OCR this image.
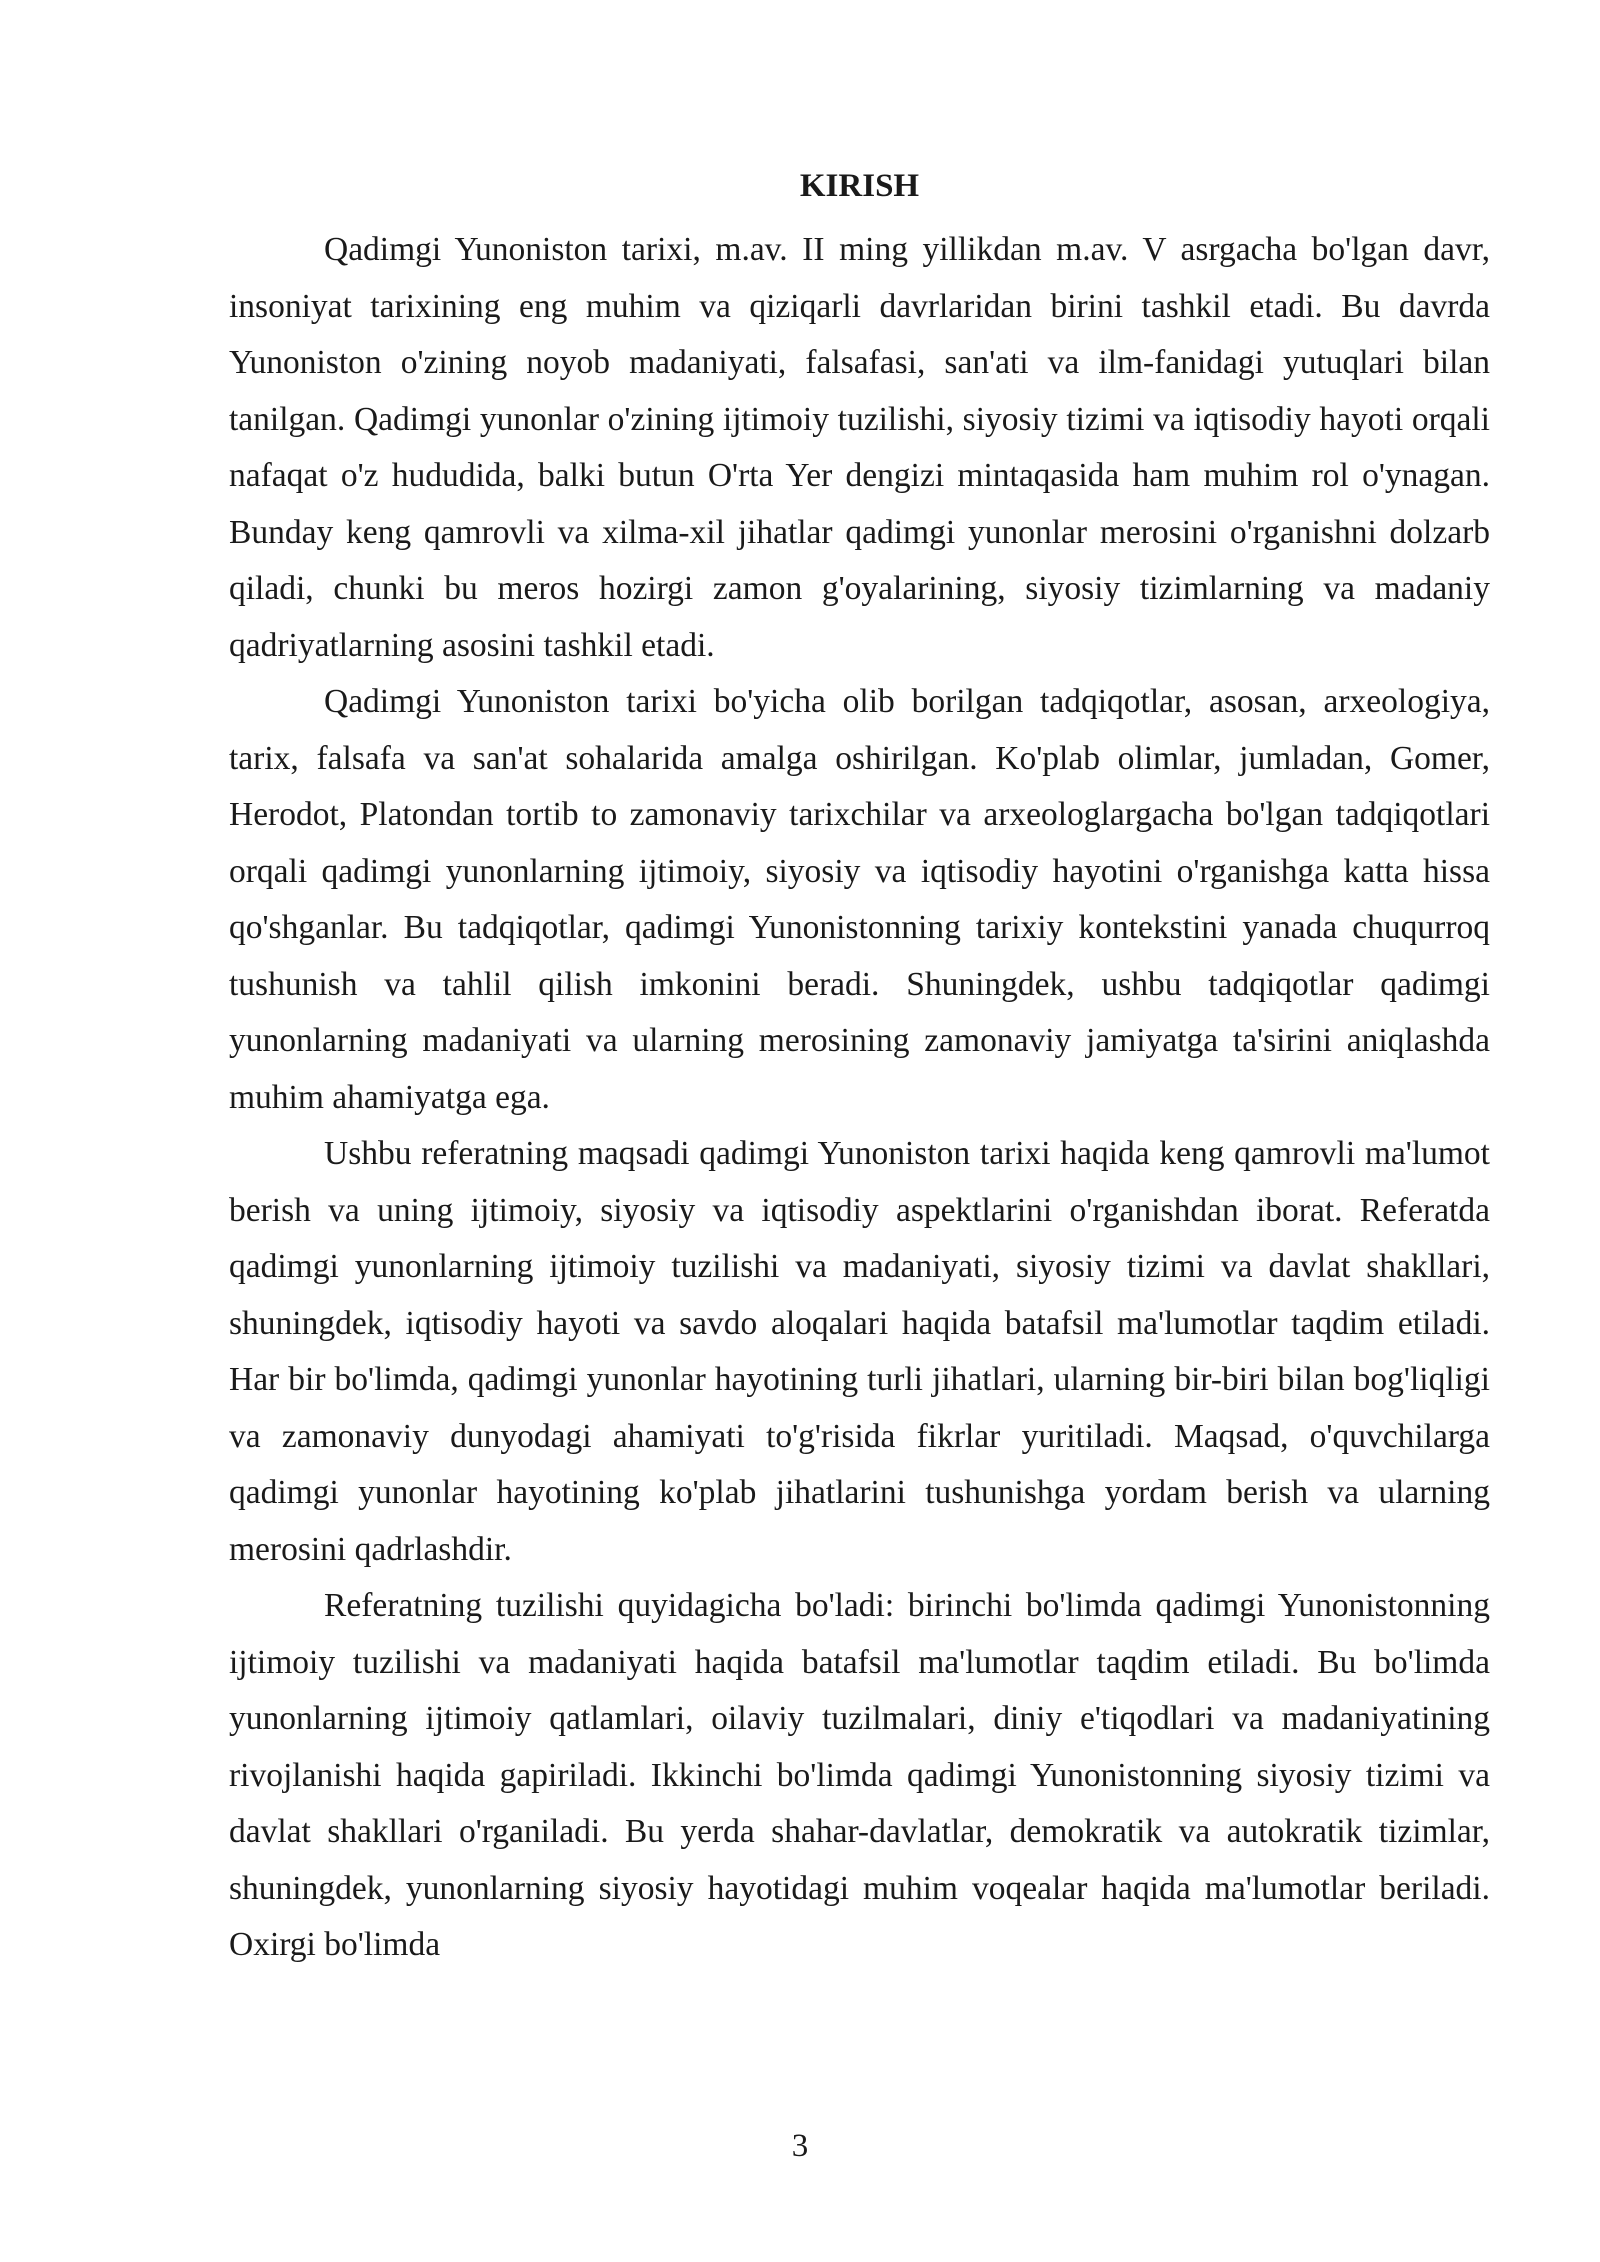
KIRISH

Qadimgi Yunoniston tarixi, m.av. II ming yillikdan m.av. V asrgacha bo'lgan davr, insoniyat tarixining eng muhim va qiziqarli davrlaridan birini tashkil etadi. Bu davrda Yunoniston o'zining noyob madaniyati, falsafasi, san'ati va ilm-fanidagi yutuqlari bilan tanilgan. Qadimgi yunonlar o'zining ijtimoiy tuzilishi, siyosiy tizimi va iqtisodiy hayoti orqali nafaqat o'z hududida, balki butun O'rta Yer dengizi mintaqasida ham muhim rol o'ynagan. Bunday keng qamrovli va xilma-xil jihatlar qadimgi yunonlar merosini o'rganishni dolzarb qiladi, chunki bu meros hozirgi zamon g'oyalarining, siyosiy tizimlarning va madaniy qadriyatlarning asosini tashkil etadi.

Qadimgi Yunoniston tarixi bo'yicha olib borilgan tadqiqotlar, asosan, arxeologiya, tarix, falsafa va san'at sohalarida amalga oshirilgan. Ko'plab olimlar, jumladan, Gomer, Herodot, Platondan tortib to zamonaviy tarixchilar va arxeologlargacha bo'lgan tadqiqotlari orqali qadimgi yunonlarning ijtimoiy, siyosiy va iqtisodiy hayotini o'rganishga katta hissa qo'shganlar. Bu tadqiqotlar, qadimgi Yunonistonning tarixiy kontekstini yanada chuqurroq tushunish va tahlil qilish imkonini beradi. Shuningdek, ushbu tadqiqotlar qadimgi yunonlarning madaniyati va ularning merosining zamonaviy jamiyatga ta'sirini aniqlashda muhim ahamiyatga ega.

Ushbu referatning maqsadi qadimgi Yunoniston tarixi haqida keng qamrovli ma'lumot berish va uning ijtimoiy, siyosiy va iqtisodiy aspektlarini o'rganishdan iborat. Referatda qadimgi yunonlarning ijtimoiy tuzilishi va madaniyati, siyosiy tizimi va davlat shakllari, shuningdek, iqtisodiy hayoti va savdo aloqalari haqida batafsil ma'lumotlar taqdim etiladi. Har bir bo'limda, qadimgi yunonlar hayotining turli jihatlari, ularning bir-biri bilan bog'liqligi va zamonaviy dunyodagi ahamiyati to'g'risida fikrlar yuritiladi. Maqsad, o'quvchilarga qadimgi yunonlar hayotining ko'plab jihatlarini tushunishga yordam berish va ularning merosini qadrlashdir.

Referatning tuzilishi quyidagicha bo'ladi: birinchi bo'limda qadimgi Yunonistonning ijtimoiy tuzilishi va madaniyati haqida batafsil ma'lumotlar taqdim etiladi. Bu bo'limda yunonlarning ijtimoiy qatlamlari, oilaviy tuzilmalari, diniy e'tiqodlari va madaniyatining rivojlanishi haqida gapiriladi. Ikkinchi bo'limda qadimgi Yunonistonning siyosiy tizimi va davlat shakllari o'rganiladi. Bu yerda shahar-davlatlar, demokratik va autokratik tizimlar, shuningdek, yunonlarning siyosiy hayotidagi muhim voqealar haqida ma'lumotlar beriladi. Oxirgi bo'limda

3
